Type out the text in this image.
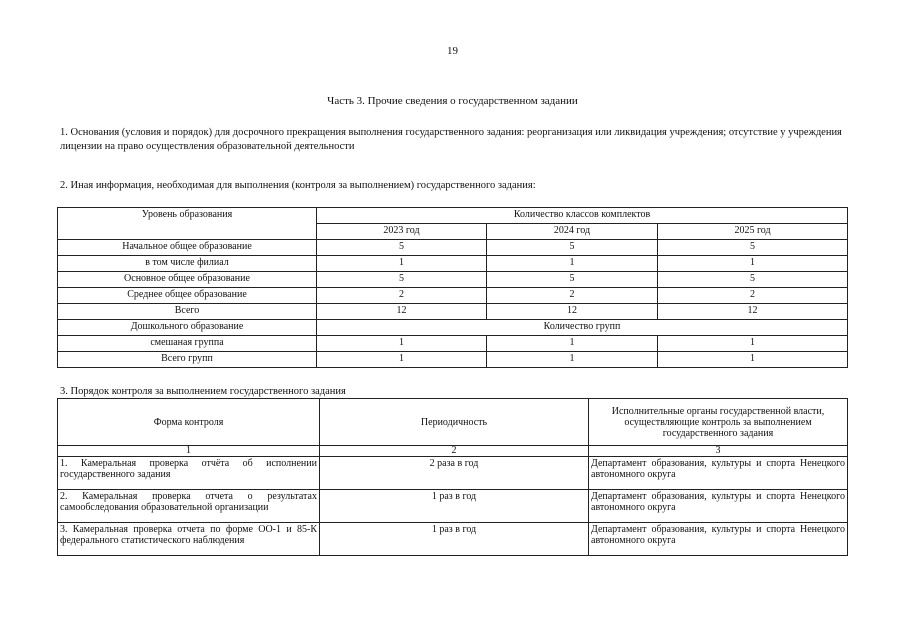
19
Часть 3. Прочие сведения о государственном задании
1. Основания (условия и порядок) для досрочного прекращения выполнения государственного задания: реорганизация или ликвидация учреждения; отсутствие у учреждения лицензии на право осуществления образовательной деятельности
2. Иная информация, необходимая для выполнения (контроля за выполнением) государственного задания:
Уровень образования	Количество классов комплектов		
	2023 год	2024 год	2025 год
Начальное общее образование	5	5	5
в том числе филиал	1	1	1
Основное общее образование	5	5	5
Среднее общее образование	2	2	2
Всего	12	12	12
Дошкольного образование	Количество групп		
смешаная группа	1	1	1
Всего групп	1	1	1
3. Порядок контроля за выполнением государственного задания
Форма контроля	Периодичность	Исполнительные органы государственной власти, осуществляющие контроль за выполнением государственного задания
1	2	3
1. Камеральная проверка отчёта об исполнении государственного задания	2 раза в год	Департамент образования, культуры и спорта Ненецкого автономного округа
2. Камеральная проверка отчета о результатах самообследования образовательной организации	1 раз в год	Департамент образования, культуры и спорта Ненецкого автономного округа
3. Камеральная проверка отчета по форме ОО-1 и 85-К федерального статистического наблюдения	1 раз в год	Департамент образования, культуры и спорта Ненецкого автономного округа
